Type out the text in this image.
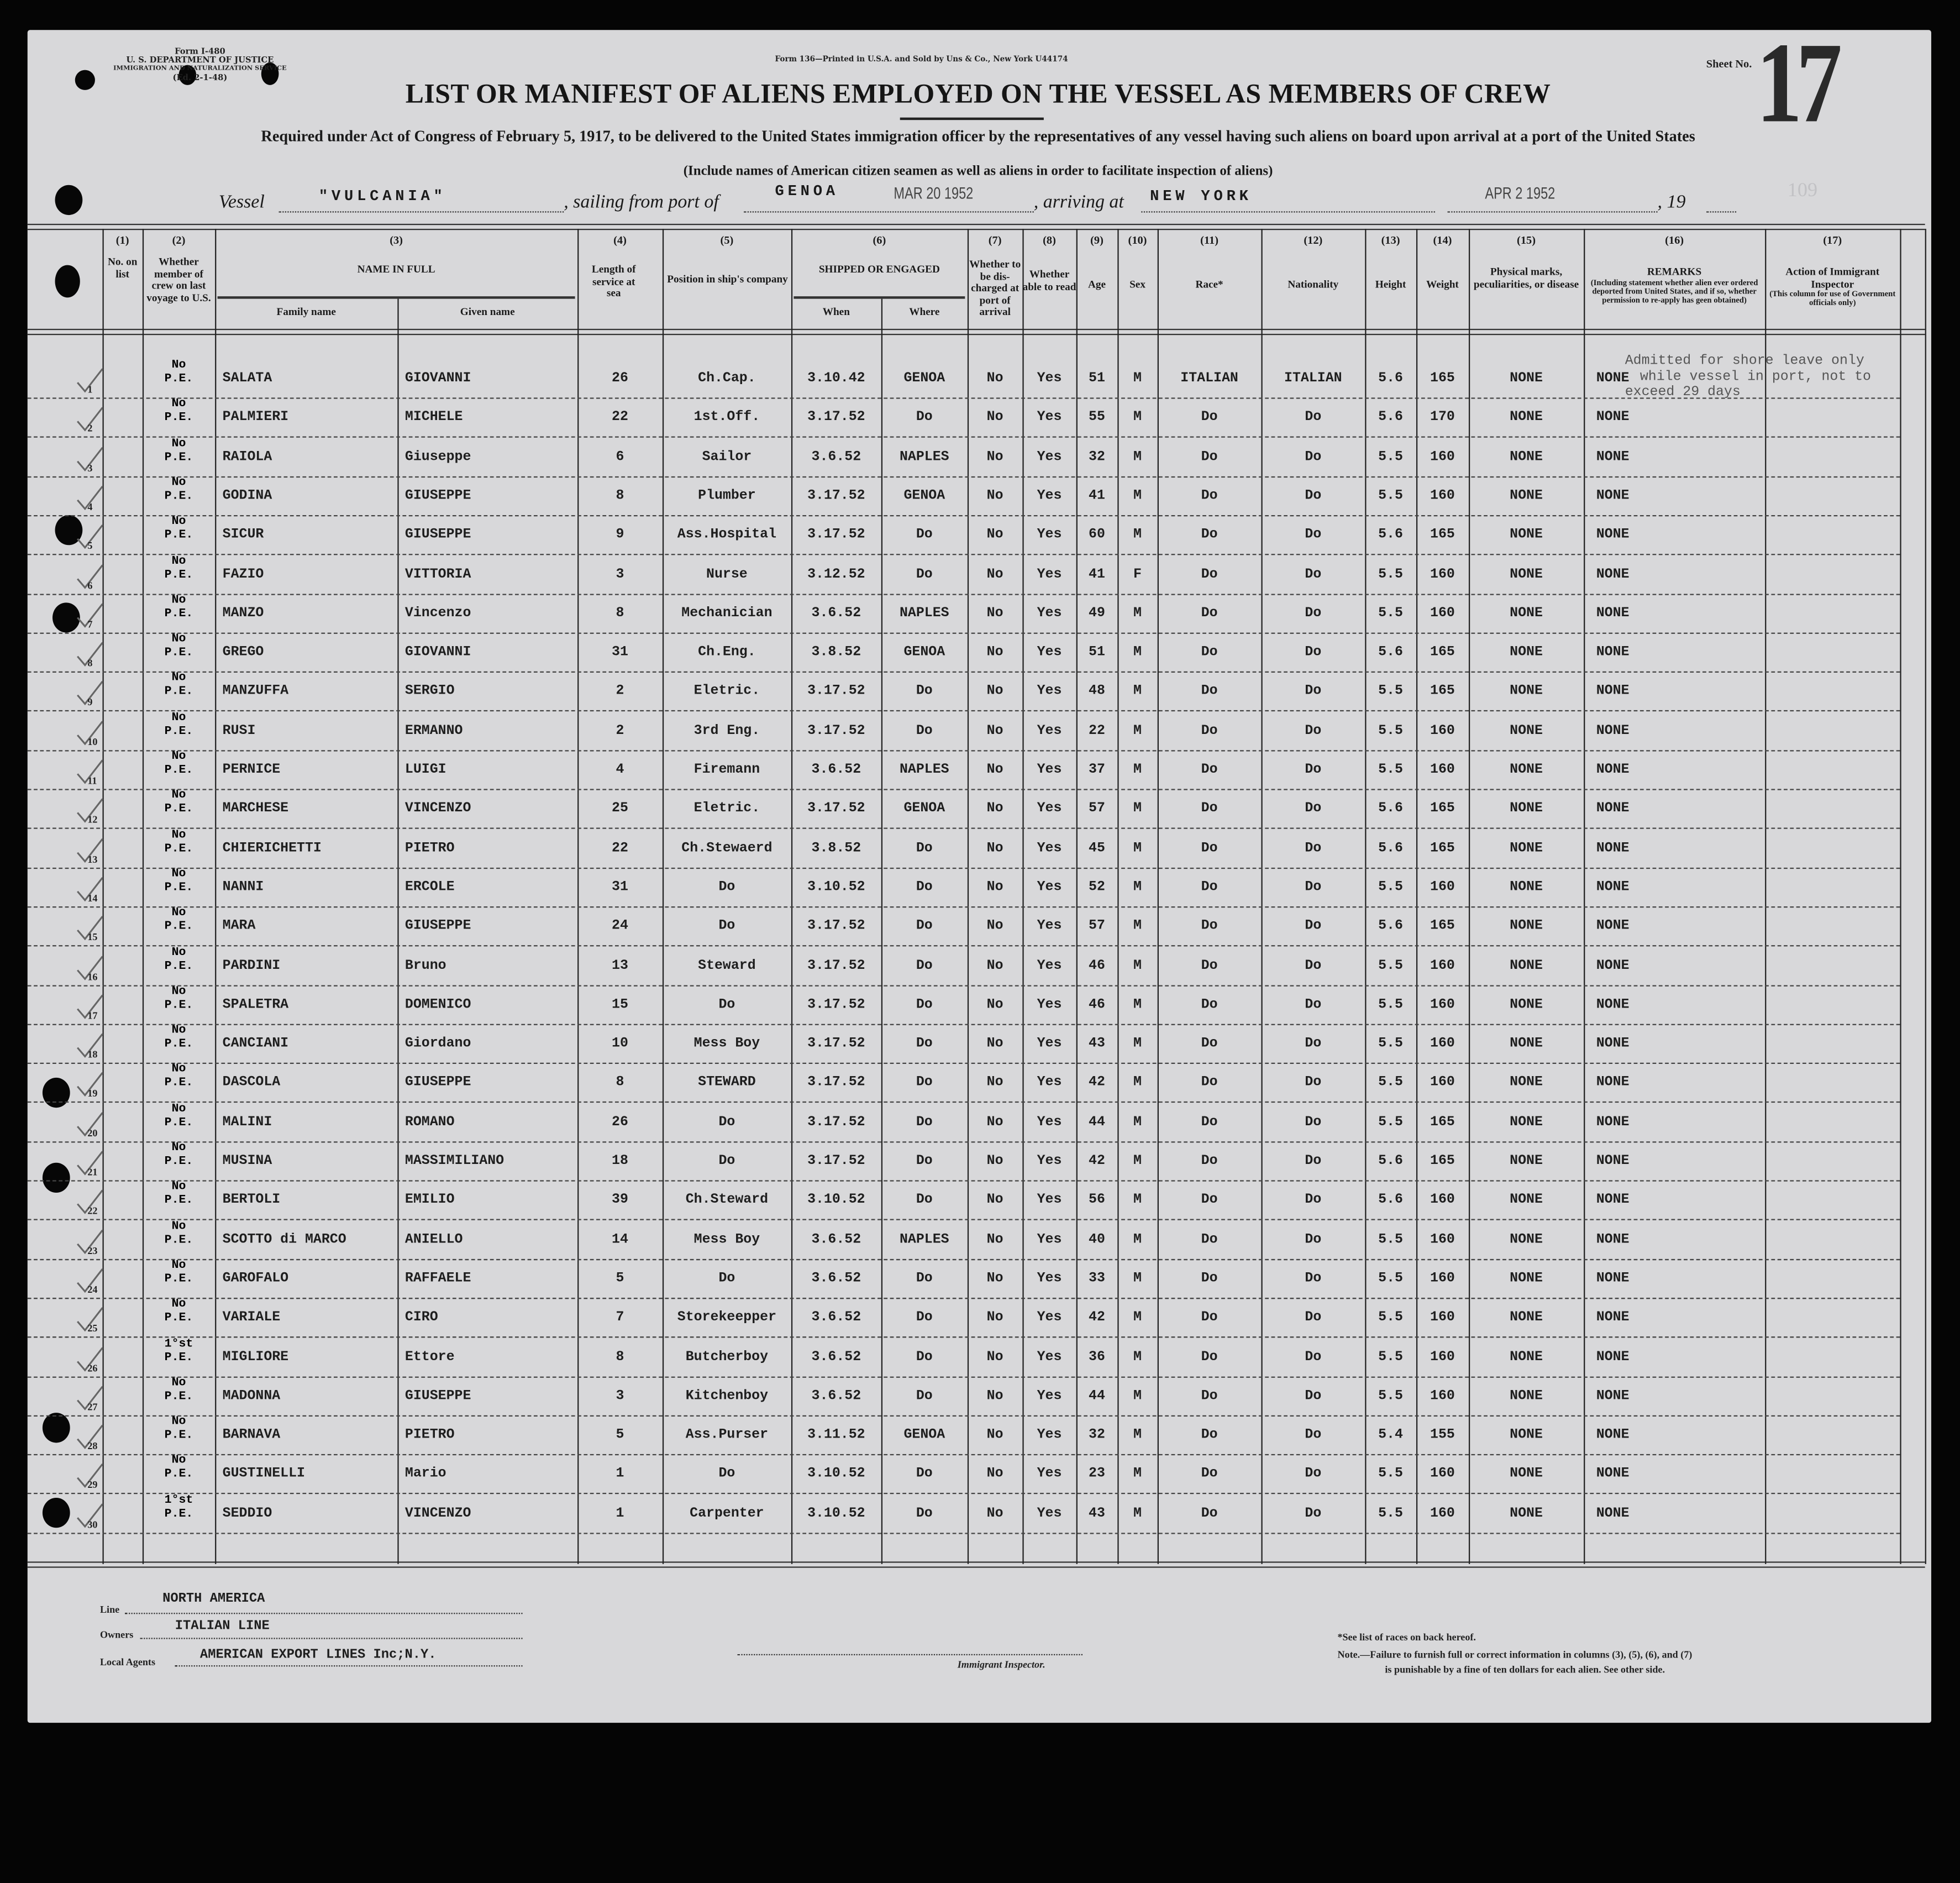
Form I-480
U. S. DEPARTMENT OF JUSTICE
IMMIGRATION AND NATURALIZATION SERVICE
(Ed. 2-1-48)
Form 136—Printed in U.S.A. and Sold by Uns & Co., New York U44174
LIST OR MANIFEST OF ALIENS EMPLOYED ON THE VESSEL AS MEMBERS OF CREW
Required under Act of Congress of February 5, 1917, to be delivered to the United States immigration officer by the representatives of any vessel having such aliens on board upon arrival at a port of the United States
(Include names of American citizen seamen as well as aliens in order to facilitate inspection of aliens)
Sheet No. 17
109
Vessel	"VULCANIA"	, sailing from port of
GENOA	MAR 20 1952	, arriving at	NEW YORK	APR 2 1952	, 19
No. on list
Whether member of crew on last voyage to U.S.
NAME IN FULL
Family name	Given name
Length of service at sea
Position in ship's company
SHIPPED OR ENGAGED
When	Where
Whether to be dis-charged at port of arrival
Whether able to read	Age	Sex	Race*	Nationality	Height	Weight
Physical marks, peculiarities, or disease
REMARKS
(Including statement whether alien ever ordered deported from United States, and if so, whether permission to re-apply has geen obtained)
Action of Immigrant Inspector
(This column for use of Government officials only)
(1)	(2)	(3)	(4)	(5)	(6)	(7)	(8)	(9)	(10)	(11)	(12)	(13)	(14)	(15)	(16)	(17)
1
No
P.E.	SALATA	GIOVANNI	26	Ch.Cap.	3.10.42	GENOA	No	Yes	51	M	ITALIAN	ITALIAN	5.6	165	NONE	NONE
2
No
P.E.	PALMIERI	MICHELE	22	1st.Off.	3.17.52	Do	No	Yes	55	M	Do	Do	5.6	170	NONE	NONE
3
No
P.E.	RAIOLA	Giuseppe	6	Sailor	3.6.52	NAPLES	No	Yes	32	M	Do	Do	5.5	160	NONE	NONE
4
No
P.E.	GODINA	GIUSEPPE	8	Plumber	3.17.52	GENOA	No	Yes	41	M	Do	Do	5.5	160	NONE	NONE
5
No
P.E.	SICUR	GIUSEPPE	9	Ass.Hospital	3.17.52	Do	No	Yes	60	M	Do	Do	5.6	165	NONE	NONE
6
No
P.E.	FAZIO	VITTORIA	3	Nurse	3.12.52	Do	No	Yes	41	F	Do	Do	5.5	160	NONE	NONE
7
No
P.E.	MANZO	Vincenzo	8	Mechanician	3.6.52	NAPLES	No	Yes	49	M	Do	Do	5.5	160	NONE	NONE
8
No
P.E.	GREGO	GIOVANNI	31	Ch.Eng.	3.8.52	GENOA	No	Yes	51	M	Do	Do	5.6	165	NONE	NONE
9
No
P.E.	MANZUFFA	SERGIO	2	Eletric.	3.17.52	Do	No	Yes	48	M	Do	Do	5.5	165	NONE	NONE
10
No
P.E.	RUSI	ERMANNO	2	3rd Eng.	3.17.52	Do	No	Yes	22	M	Do	Do	5.5	160	NONE	NONE
11
No
P.E.	PERNICE	LUIGI	4	Firemann	3.6.52	NAPLES	No	Yes	37	M	Do	Do	5.5	160	NONE	NONE
12
No
P.E.	MARCHESE	VINCENZO	25	Eletric.	3.17.52	GENOA	No	Yes	57	M	Do	Do	5.6	165	NONE	NONE
13
No
P.E.	CHIERICHETTI	PIETRO	22	Ch.Stewaerd	3.8.52	Do	No	Yes	45	M	Do	Do	5.6	165	NONE	NONE
14
No
P.E.	NANNI	ERCOLE	31	Do	3.10.52	Do	No	Yes	52	M	Do	Do	5.5	160	NONE	NONE
15
No
P.E.	MARA	GIUSEPPE	24	Do	3.17.52	Do	No	Yes	57	M	Do	Do	5.6	165	NONE	NONE
16
No
P.E.	PARDINI	Bruno	13	Steward	3.17.52	Do	No	Yes	46	M	Do	Do	5.5	160	NONE	NONE
17
No
P.E.	SPALETRA	DOMENICO	15	Do	3.17.52	Do	No	Yes	46	M	Do	Do	5.5	160	NONE	NONE
18
No
P.E.	CANCIANI	Giordano	10	Mess Boy	3.17.52	Do	No	Yes	43	M	Do	Do	5.5	160	NONE	NONE
19
No
P.E.	DASCOLA	GIUSEPPE	8	STEWARD	3.17.52	Do	No	Yes	42	M	Do	Do	5.5	160	NONE	NONE
20
No
P.E.	MALINI	ROMANO	26	Do	3.17.52	Do	No	Yes	44	M	Do	Do	5.5	165	NONE	NONE
21
No
P.E.	MUSINA	MASSIMILIANO	18	Do	3.17.52	Do	No	Yes	42	M	Do	Do	5.6	165	NONE	NONE
22
No
P.E.	BERTOLI	EMILIO	39	Ch.Steward	3.10.52	Do	No	Yes	56	M	Do	Do	5.6	160	NONE	NONE
23
No
P.E.	SCOTTO di MARCO	ANIELLO	14	Mess Boy	3.6.52	NAPLES	No	Yes	40	M	Do	Do	5.5	160	NONE	NONE
24
No
P.E.	GAROFALO	RAFFAELE	5	Do	3.6.52	Do	No	Yes	33	M	Do	Do	5.5	160	NONE	NONE
25
No
P.E.	VARIALE	CIRO	7	Storekeepper	3.6.52	Do	No	Yes	42	M	Do	Do	5.5	160	NONE	NONE
26
1°st
P.E.	MIGLIORE	Ettore	8	Butcherboy	3.6.52	Do	No	Yes	36	M	Do	Do	5.5	160	NONE	NONE
27
No
P.E.	MADONNA	GIUSEPPE	3	Kitchenboy	3.6.52	Do	No	Yes	44	M	Do	Do	5.5	160	NONE	NONE
28
No
P.E.	BARNAVA	PIETRO	5	Ass.Purser	3.11.52	GENOA	No	Yes	32	M	Do	Do	5.4	155	NONE	NONE
29
No
P.E.	GUSTINELLI	Mario	1	Do	3.10.52	Do	No	Yes	23	M	Do	Do	5.5	160	NONE	NONE
30
1°st
P.E.	SEDDIO	VINCENZO	1	Carpenter	3.10.52	Do	No	Yes	43	M	Do	Do	5.5	160	NONE	NONE
Admitted for shore leave only
while vessel in port, not to
exceed 29 days
Line
NORTH AMERICA
Owners
ITALIAN LINE
Local Agents	AMERICAN EXPORT LINES Inc;N.Y.
Immigrant Inspector.
*See list of races on back hereof.
Note.—Failure to furnish full or correct information in columns (3), (5), (6), and (7)
is punishable by a fine of ten dollars for each alien. See other side.
